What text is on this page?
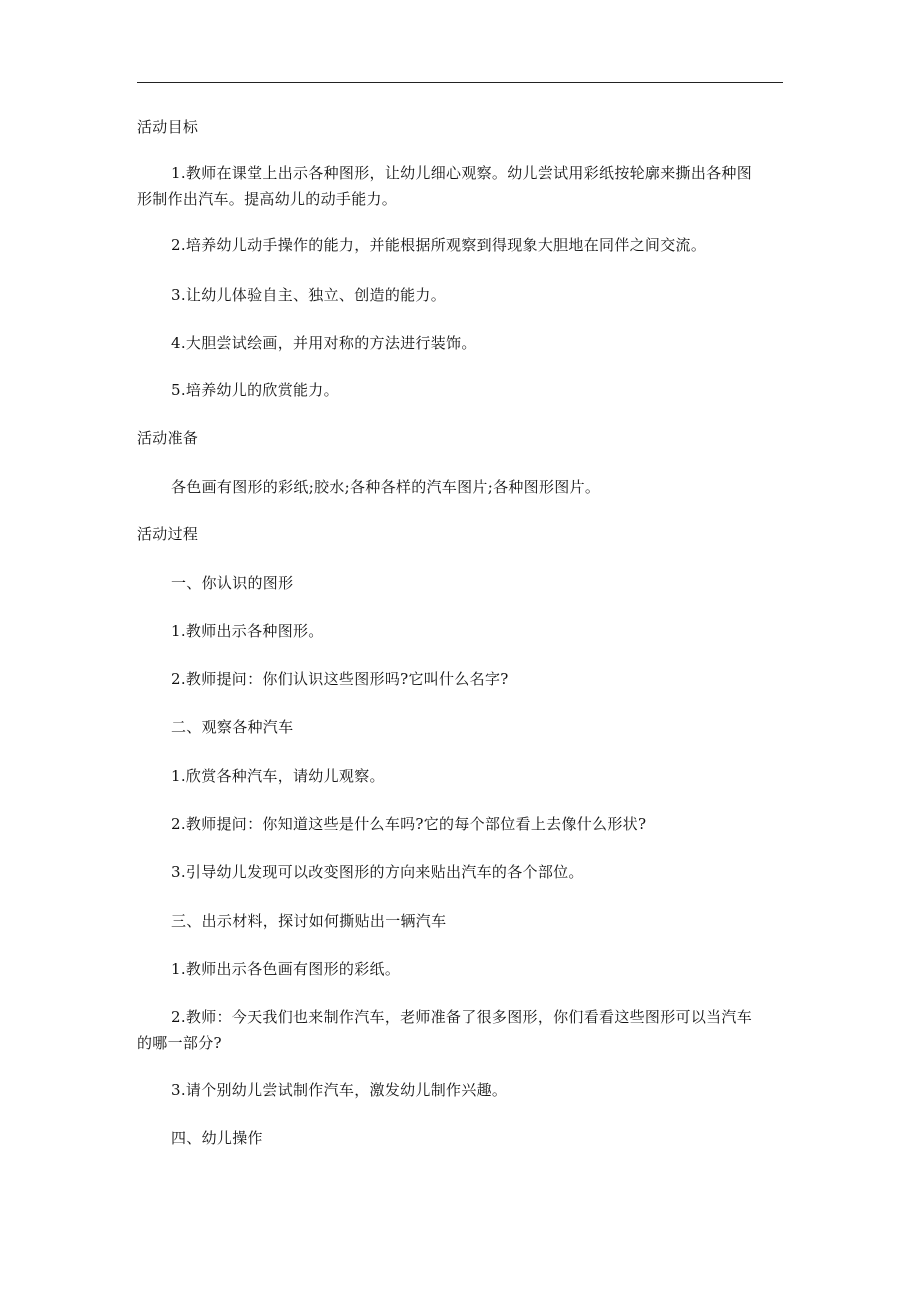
活动目标
1.教师在课堂上出示各种图形，让幼儿细心观察。幼儿尝试用彩纸按轮廓来撕出各种图
形制作出汽车。提高幼儿的动手能力。
2.培养幼儿动手操作的能力，并能根据所观察到得现象大胆地在同伴之间交流。
3.让幼儿体验自主、独立、创造的能力。
4.大胆尝试绘画，并用对称的方法进行装饰。
5.培养幼儿的欣赏能力。
活动准备
各色画有图形的彩纸;胶水;各种各样的汽车图片;各种图形图片。
活动过程
一、你认识的图形
1.教师出示各种图形。
2.教师提问：你们认识这些图形吗?它叫什么名字?
二、观察各种汽车
1.欣赏各种汽车，请幼儿观察。
2.教师提问：你知道这些是什么车吗?它的每个部位看上去像什么形状?
3.引导幼儿发现可以改变图形的方向来贴出汽车的各个部位。
三、出示材料，探讨如何撕贴出一辆汽车
1.教师出示各色画有图形的彩纸。
2.教师：今天我们也来制作汽车，老师准备了很多图形，你们看看这些图形可以当汽车
的哪一部分?
3.请个别幼儿尝试制作汽车，激发幼儿制作兴趣。
四、幼儿操作
